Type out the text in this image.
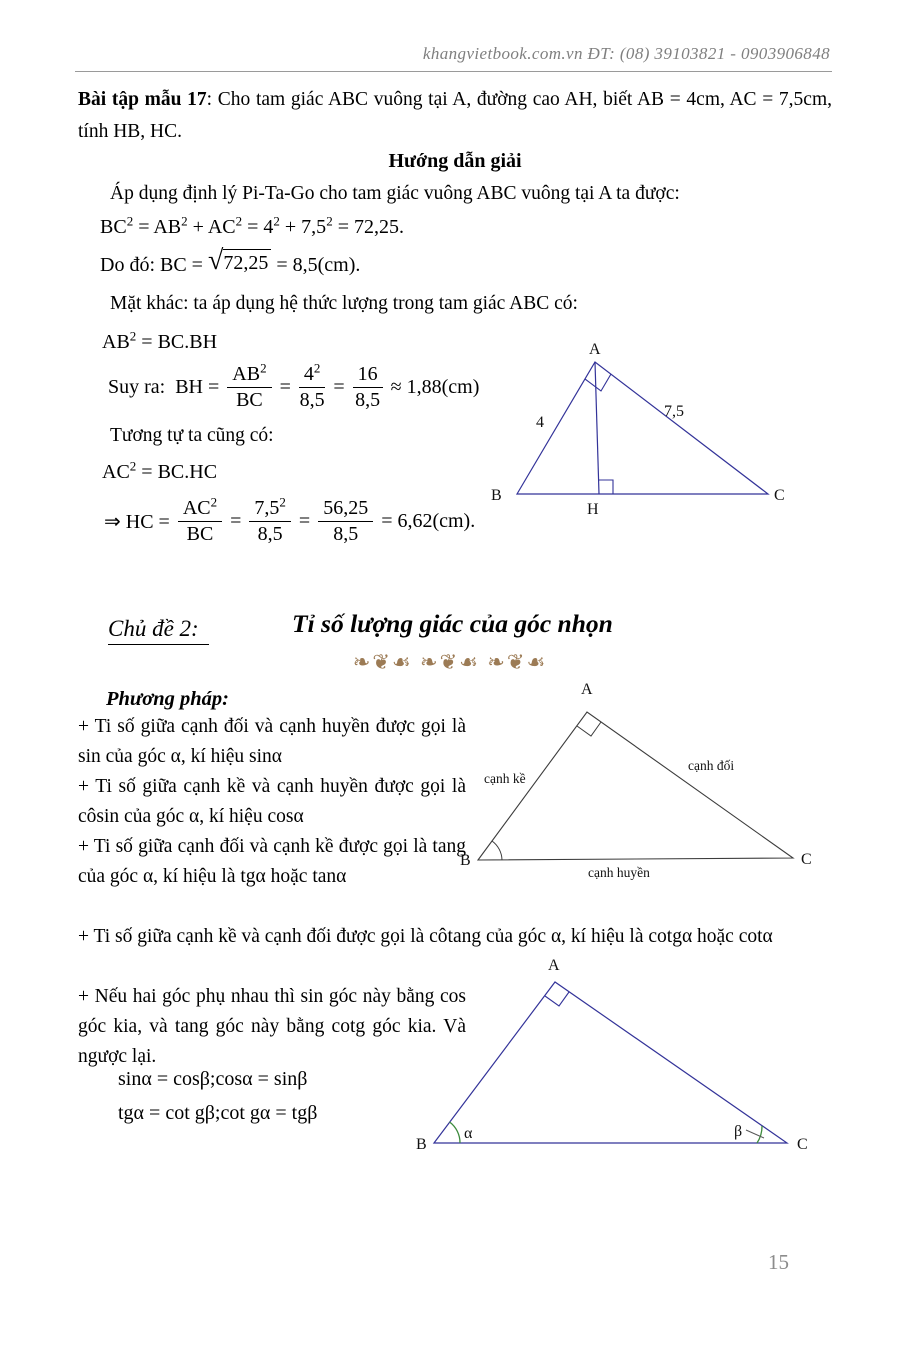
khangvietbook.com.vn ĐT: (08) 39103821 - 0903906848

Bài tập mẫu 17: Cho tam giác ABC vuông tại A, đường cao AH, biết AB = 4cm, AC = 7,5cm, tính HB, HC.

Hướng dẫn giải

Áp dụng định lý Pi-Ta-Go cho tam giác vuông ABC vuông tại A ta được:

$BC^2 = AB^2 + AC^2 = 4^2 + 7,5^2 = 72,25$.

Do đó: BC = √ 72,25 = 8,5(cm).

Mặt khác: ta áp dụng hệ thức lượng trong tam giác ABC có:

$AB^2 = BC.BH$

Suy ra:  BH = $\frac{AB^2}{BC} = \frac{4^2}{8,5} = \frac{16}{8,5} \approx 1,88(cm)$

Tương tự ta cũng có:

$AC^2 = BC.HC$

⇒ HC = $\frac{AC^2}{BC} = \frac{7,5^2}{8,5} = \frac{56,25}{8,5} = 6,62(cm)$.
A
B	C
H
4
7,5
Chủ đề 2:	Tỉ số lượng giác của góc nhọn
❧❦☙ ❧❦☙ ❧❦☙
Phương pháp:

+ Ti số giữa cạnh đối và cạnh huyền được gọi là sin của góc α, kí hiệu sinα

+ Ti số giữa cạnh kề và cạnh huyền được gọi là côsin của góc α, kí hiệu cosα

+ Ti số giữa cạnh đối và cạnh kề được gọi là tang của góc α, kí hiệu là tgα hoặc tanα

+ Ti số giữa cạnh kề và cạnh đối được gọi là côtang của góc α, kí hiệu là cotgα hoặc cotα

+ Nếu hai góc phụ nhau thì sin góc này bằng cos góc kia, và tang góc này bằng cotg góc kia. Và ngược lại.

sinα = cosβ;cosα = sinβ

tgα = cot gβ;cot gα = tgβ

A
B	C
cạnh kề
cạnh đối
cạnh huyền
A
B	C
α	β
15
